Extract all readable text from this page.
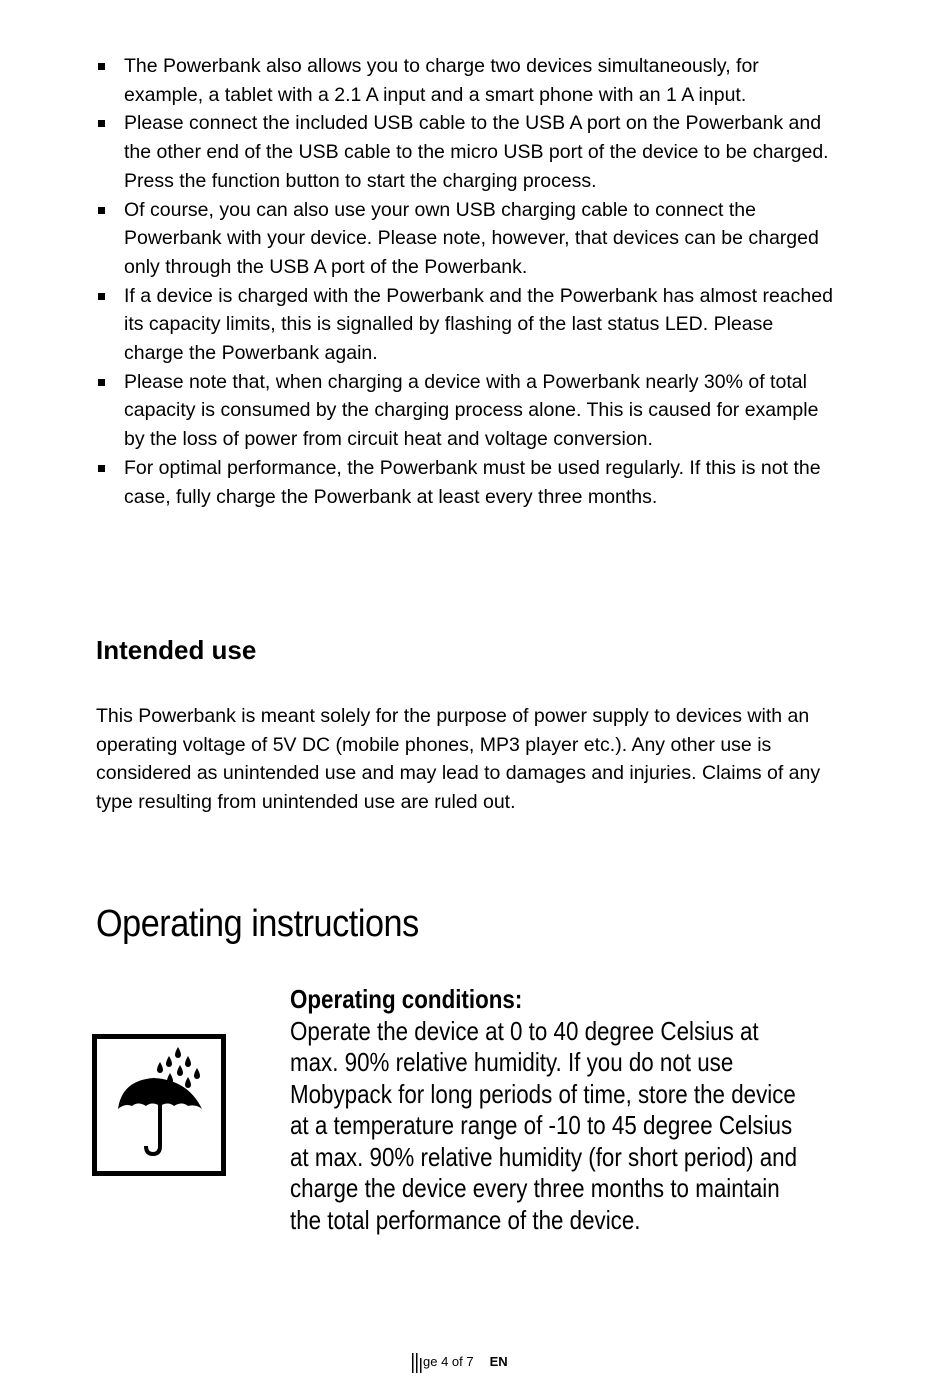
The Powerbank also allows you to charge two devices simultaneously, for example, a tablet with a 2.1 A input and a smart phone with an 1 A input.
Please connect the included USB cable to the USB A port on the Powerbank and the other end of the USB cable to the micro USB port of the device to be charged. Press the function button to start the charging process.
Of course, you can also use your own USB charging cable to connect the Powerbank with your device. Please note, however, that devices can be charged only through the USB A port of the Powerbank.
If a device is charged with the Powerbank and the Powerbank has almost reached its capacity limits, this is signalled by flashing of the last status LED. Please charge the Powerbank again.
Please note that, when charging a device with a Powerbank nearly 30% of total capacity is consumed by the charging process alone. This is caused for example by the loss of power from circuit heat and voltage conversion.
For optimal performance, the Powerbank must be used regularly. If this is not the case, fully charge the Powerbank at least every three months.
Intended use

This Powerbank is meant solely for the purpose of power supply to devices with an operating voltage of 5V DC (mobile phones, MP3 player etc.). Any other use is considered as unintended use and may lead to damages and injuries. Claims of any type resulting from unintended use are ruled out.

Operating instructions
Operating conditions:
Operate the device at 0 to 40 degree Celsius at max. 90% relative humidity. If you do not use Mobypack for long periods of time, store the device at a temperature range of -10 to 45 degree Celsius at max. 90% relative humidity (for short period) and charge the device every three months to maintain the total performance of the device.
ge 4 of 7 EN
